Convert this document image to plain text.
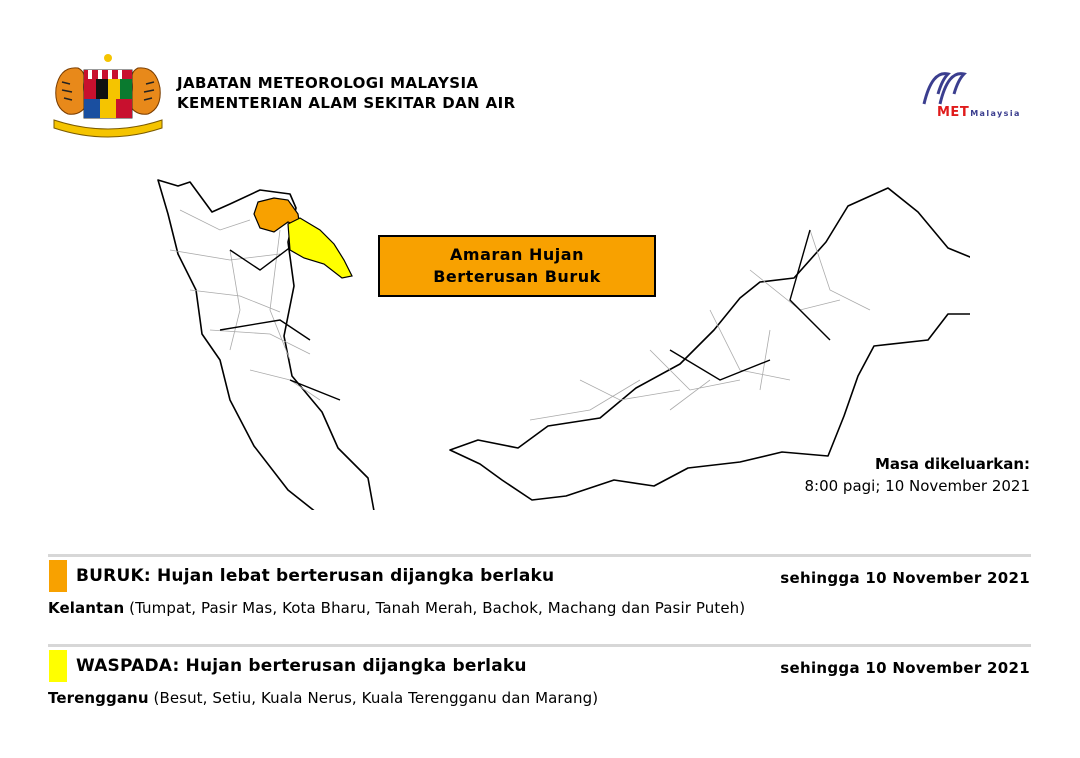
JABATAN METEOROLOGI MALAYSIA
KEMENTERIAN ALAM SEKITAR DAN AIR
METMalaysia
Amaran Hujan
Berterusan Buruk
Masa dikeluarkan:
8:00 pagi; 10 November 2021
BURUK: Hujan lebat berterusan dijangka berlaku	sehingga 10 November 2021
Kelantan (Tumpat, Pasir Mas, Kota Bharu, Tanah Merah, Bachok, Machang dan Pasir Puteh)
WASPADA: Hujan berterusan dijangka berlaku	sehingga 10 November 2021
Terengganu (Besut, Setiu, Kuala Nerus, Kuala Terengganu dan Marang)
